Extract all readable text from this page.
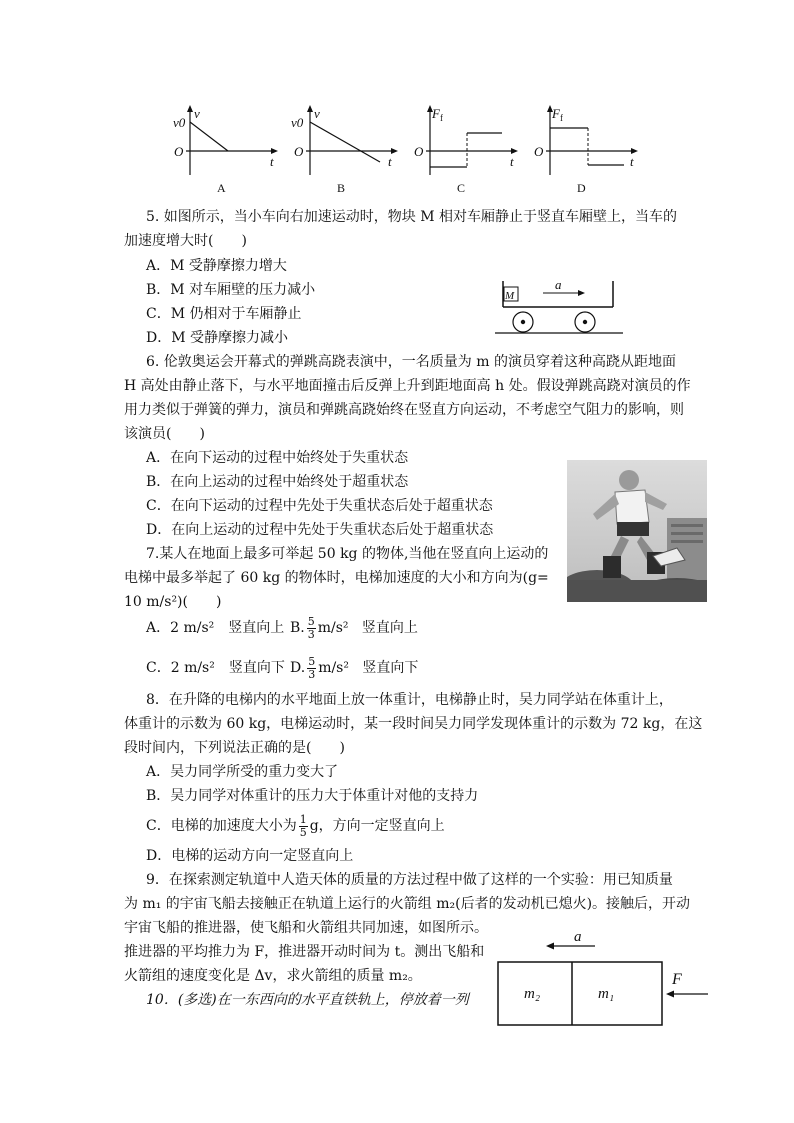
v0
v
O
t
A
v0
v
O
t
B
F f
O
t
C
F f
O
t
D
5. 如图所示，当小车向右加速运动时，物块 M 相对车厢静止于竖直车厢壁上，当车的
加速度增大时(　　)
A．M 受静摩擦力增大
B．M 对车厢壁的压力减小
C．M 仍相对于车厢静止
D．M 受静摩擦力减小
M
a
6. 伦敦奥运会开幕式的弹跳高跷表演中，一名质量为 m 的演员穿着这种高跷从距地面
H 高处由静止落下，与水平地面撞击后反弹上升到距地面高 h 处。假设弹跳高跷对演员的作
用力类似于弹簧的弹力，演员和弹跳高跷始终在竖直方向运动，不考虑空气阻力的影响，则
该演员(　　)
A．在向下运动的过程中始终处于失重状态
B．在向上运动的过程中始终处于超重状态
C．在向下运动的过程中先处于失重状态后处于超重状态
D．在向上运动的过程中先处于失重状态后处于超重状态
7.某人在地面上最多可举起 50 kg 的物体,当他在竖直向上运动的
电梯中最多举起了 60 kg 的物体时，电梯加速度的大小和方向为(g=
10 m/s²)(　　)
A．2 m/s²　竖直向上 B. $\frac{5}{3} m/s^2$ 竖直向上
C．2 m/s²　竖直向下 D. $\frac{5}{3} m/s^2$ 竖直向下
8．在升降的电梯内的水平地面上放一体重计，电梯静止时，吴力同学站在体重计上，
体重计的示数为 60 kg，电梯运动时，某一段时间吴力同学发现体重计的示数为 72 kg，在这
段时间内，下列说法正确的是(　　)
A．吴力同学所受的重力变大了
B．吴力同学对体重计的压力大于体重计对他的支持力
C．电梯的加速度大小为 $\frac{1}{5}$ g，方向一定竖直向上
D．电梯的运动方向一定竖直向上
9．在探索测定轨道中人造天体的质量的方法过程中做了这样的一个实验：用已知质量
为 m₁ 的宇宙飞船去接触正在轨道上运行的火箭组 m₂(后者的发动机已熄火)。接触后，开动
宇宙飞船的推进器，使飞船和火箭组共同加速，如图所示。
推进器的平均推力为 F，推进器开动时间为 t。测出飞船和
火箭组的速度变化是 Δv，求火箭组的质量 m₂。
10．(多选)在一东西向的水平直铁轨上，停放着一列
a
m₂	m₁
F
